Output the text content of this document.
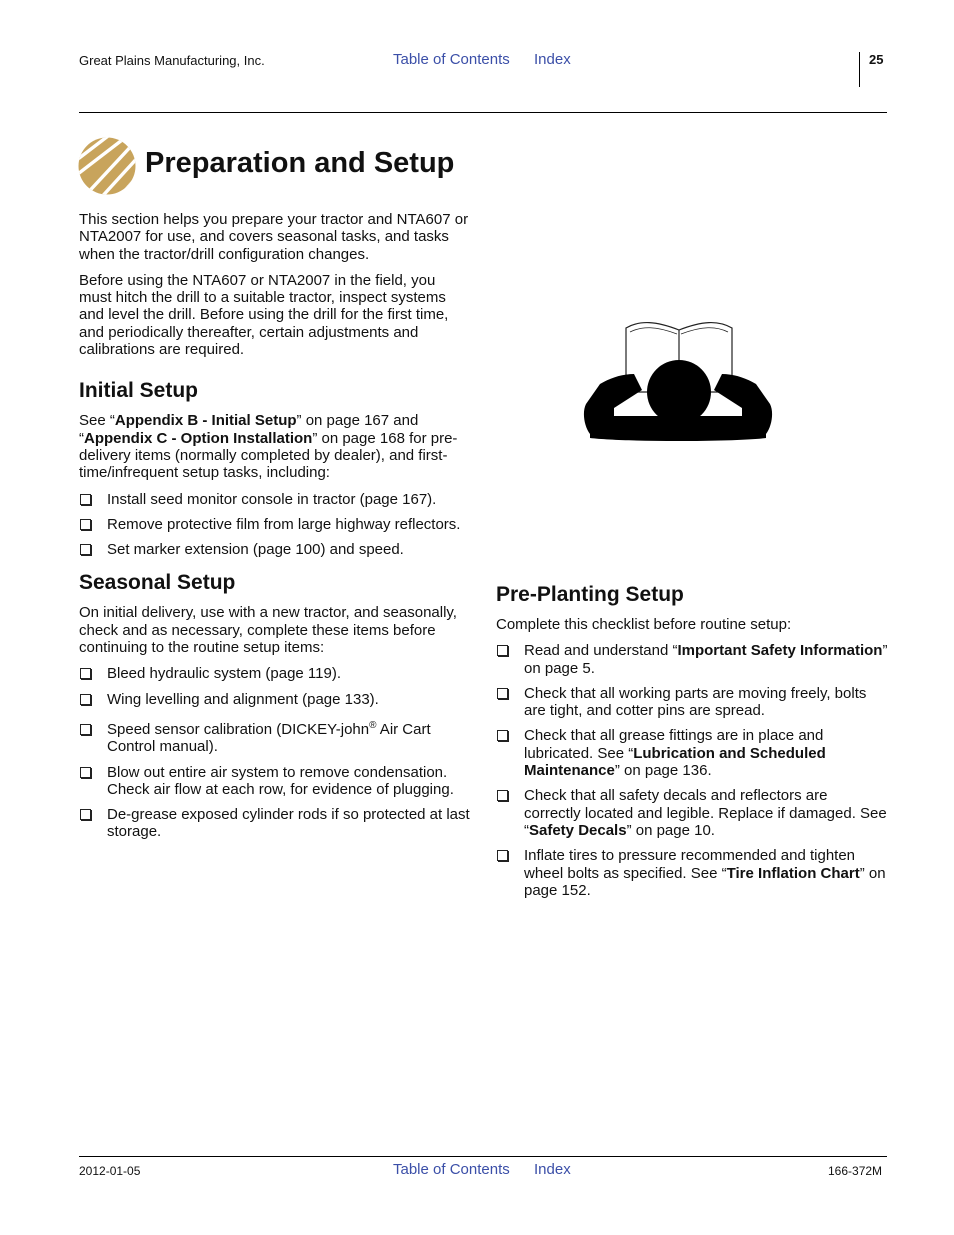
Great Plains Manufacturing, Inc.	Table of Contents Index	25
Preparation and Setup

This section helps you prepare your tractor and NTA607 or NTA2007 for use, and covers seasonal tasks, and tasks when the tractor/drill configuration changes.

Before using the NTA607 or NTA2007 in the field, you must hitch the drill to a suitable tractor, inspect systems and level the drill. Before using the drill for the first time, and periodically thereafter, certain adjustments and calibrations are required.

Initial Setup

See “Appendix B - Initial Setup” on page 167 and “Appendix C - Option Installation” on page 168 for pre-delivery items (normally completed by dealer), and first-time/infrequent setup tasks, including:

Install seed monitor console in tractor (page 167).
Remove protective film from large highway reflectors.
Set marker extension (page 100) and speed.
Seasonal Setup

On initial delivery, use with a new tractor, and seasonally, check and as necessary, complete these items before continuing to the routine setup items:

Bleed hydraulic system (page 119).
Wing levelling and alignment (page 133).
Speed sensor calibration (DICKEY-john® Air Cart Control manual).
Blow out entire air system to remove condensation. Check air flow at each row, for evidence of plugging.
De-grease exposed cylinder rods if so protected at last storage.
Pre-Planting Setup

Complete this checklist before routine setup:

Read and understand “Important Safety Information” on page 5.
Check that all working parts are moving freely, bolts are tight, and cotter pins are spread.
Check that all grease fittings are in place and lubricated. See “Lubrication and Scheduled Maintenance” on page 136.
Check that all safety decals and reflectors are correctly located and legible. Replace if damaged. See “Safety Decals” on page 10.
Inflate tires to pressure recommended and tighten wheel bolts as specified. See “Tire Inflation Chart” on page 152.
2012-01-05	Table of Contents Index	166-372M
